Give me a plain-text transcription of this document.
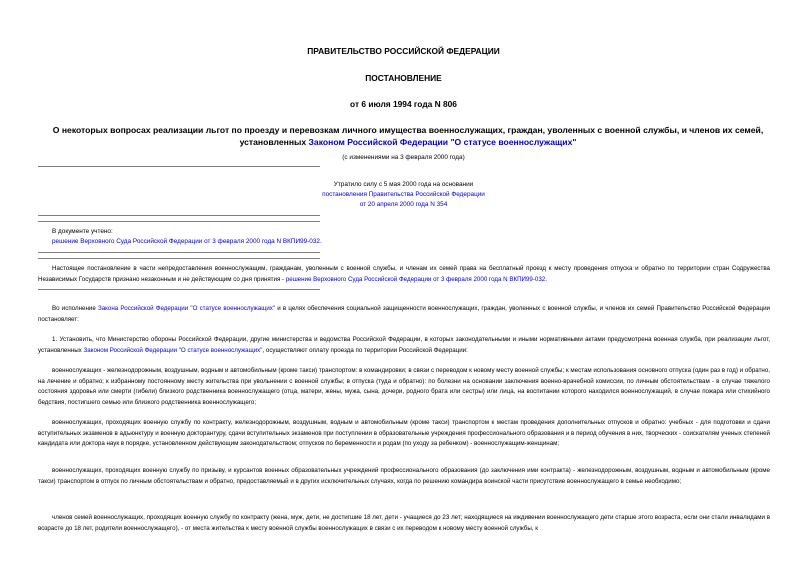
ПРАВИТЕЛЬСТВО РОССИЙСКОЙ ФЕДЕРАЦИИ
ПОСТАНОВЛЕНИЕ
от 6 июля 1994 года N 806
О некоторых вопросах реализации льгот по проезду и перевозкам личного имущества военнослужащих, граждан, уволенных с военной службы, и членов их семей, установленных Законом Российской Федерации "О статусе военнослужащих"
(с изменениями на 3 февраля 2000 года)
Утратило силу с 5 мая 2000 года на основании
постановления Правительства Российской Федерации
от 20 апреля 2000 года N 354
В документе учтено:
решение Верховного Суда Российской Федерации от 3 февраля 2000 года N ВКПИ99-032.
Настоящее постановление в части непредоставления военнослужащим, гражданам, уволенным с военной службы, и членам их семей права на бесплатный проезд к месту проведения отпуска и обратно по территории стран Содружества Независимых Государств признано незаконным и не действующим со дня принятия - решение Верховного Суда Российской Федерации от 3 февраля 2000 года N ВКПИ99-032.
Во исполнение Закона Российской Федерации "О статусе военнослужащих" и в целях обеспечения социальной защищенности военнослужащих, граждан, уволенных с военной службы, и членов их семей Правительство Российской Федерации постановляет:
1. Установить, что Министерство обороны Российской Федерации, другие министерства и ведомства Российской Федерации, в которых законодательными и иными нормативными актами предусмотрена военная служба, при реализации льгот, установленных Законом Российской Федерации "О статусе военнослужащих", осуществляют оплату проезда по территории Российской Федерации:
военнослужащих - железнодорожным, воздушным, водным и автомобильным (кроме такси) транспортом: в командировки; в связи с переводом к новому месту военной службы; к местам использования основного отпуска (один раз в год) и обратно, на лечение и обратно; к избранному постоянному месту жительства при увольнении с военной службы; в отпуска (туда и обратно): по болезни на основании заключения военно-врачебной комиссии, по личным обстоятельствам - в случае тяжелого состояния здоровья или смерти (гибели) близкого родственника военнослужащего (отца, матери, жены, мужа, сына, дочери, родного брата или сестры) или лица, на воспитании которого находился военнослужащий, в случае пожара или стихийного бедствия, постигшего семью или близкого родственника военнослужащего;
военнослужащих, проходящих военную службу по контракту, железнодорожным, воздушным, водным и автомобильным (кроме такси) транспортом к местам проведения дополнительных отпусков и обратно: учебных - для подготовки и сдачи вступительных экзаменов в адъюнктуру и военную докторантуру, сдачи вступительных экзаменов при поступлении в образовательные учреждения профессионального образования и в период обучения в них, творческих - соискателям ученых степеней кандидата или доктора наук в порядке, установленном действующим законодательством; отпусков по беременности и родам (по уходу за ребенком) - военнослужащим-женщинам;
военнослужащих, проходящих военную службу по призыву, и курсантов военных образовательных учреждений профессионального образования (до заключения ими контракта) - железнодорожным, воздушным, водным и автомобильным (кроме такси) транспортом в отпуск по личным обстоятельствам и обратно, предоставляемый и в других исключительных случаях, когда по решению командира воинской части присутствие военнослужащего в семье необходимо;
членов семей военнослужащих, проходящих военную службу по контракту (жена, муж, дети, не достигшие 18 лет, дети - учащиеся до 23 лет; находящиеся на иждивении военнослужащего дети старше этого возраста, если они стали инвалидами в возрасте до 18 лет, родители военнослужащего), - от места жительства к месту военной службы военнослужащих в связи с их переводом к новому месту военной службы, к
